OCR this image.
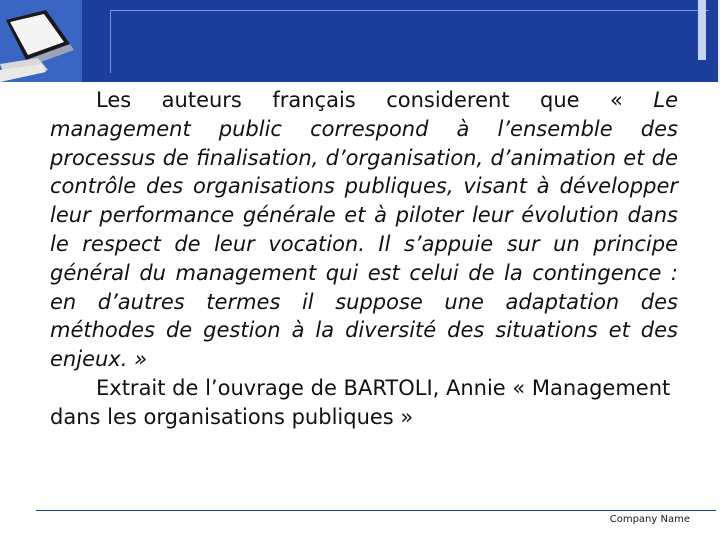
Les auteurs français considerent que « Le management public correspond à l’ensemble des processus de finalisation, d’organisation, d’animation et de contrôle des organisations publiques, visant à développer leur performance générale et à piloter leur évolution dans le respect de leur vocation. Il s’appuie sur un principe général du management qui est celui de la contingence : en d’autres termes il suppose une adaptation des méthodes de gestion à la diversité des situations et des enjeux. »

Extrait de l’ouvrage de BARTOLI, Annie « Management dans les organisations publiques »

Company Name
